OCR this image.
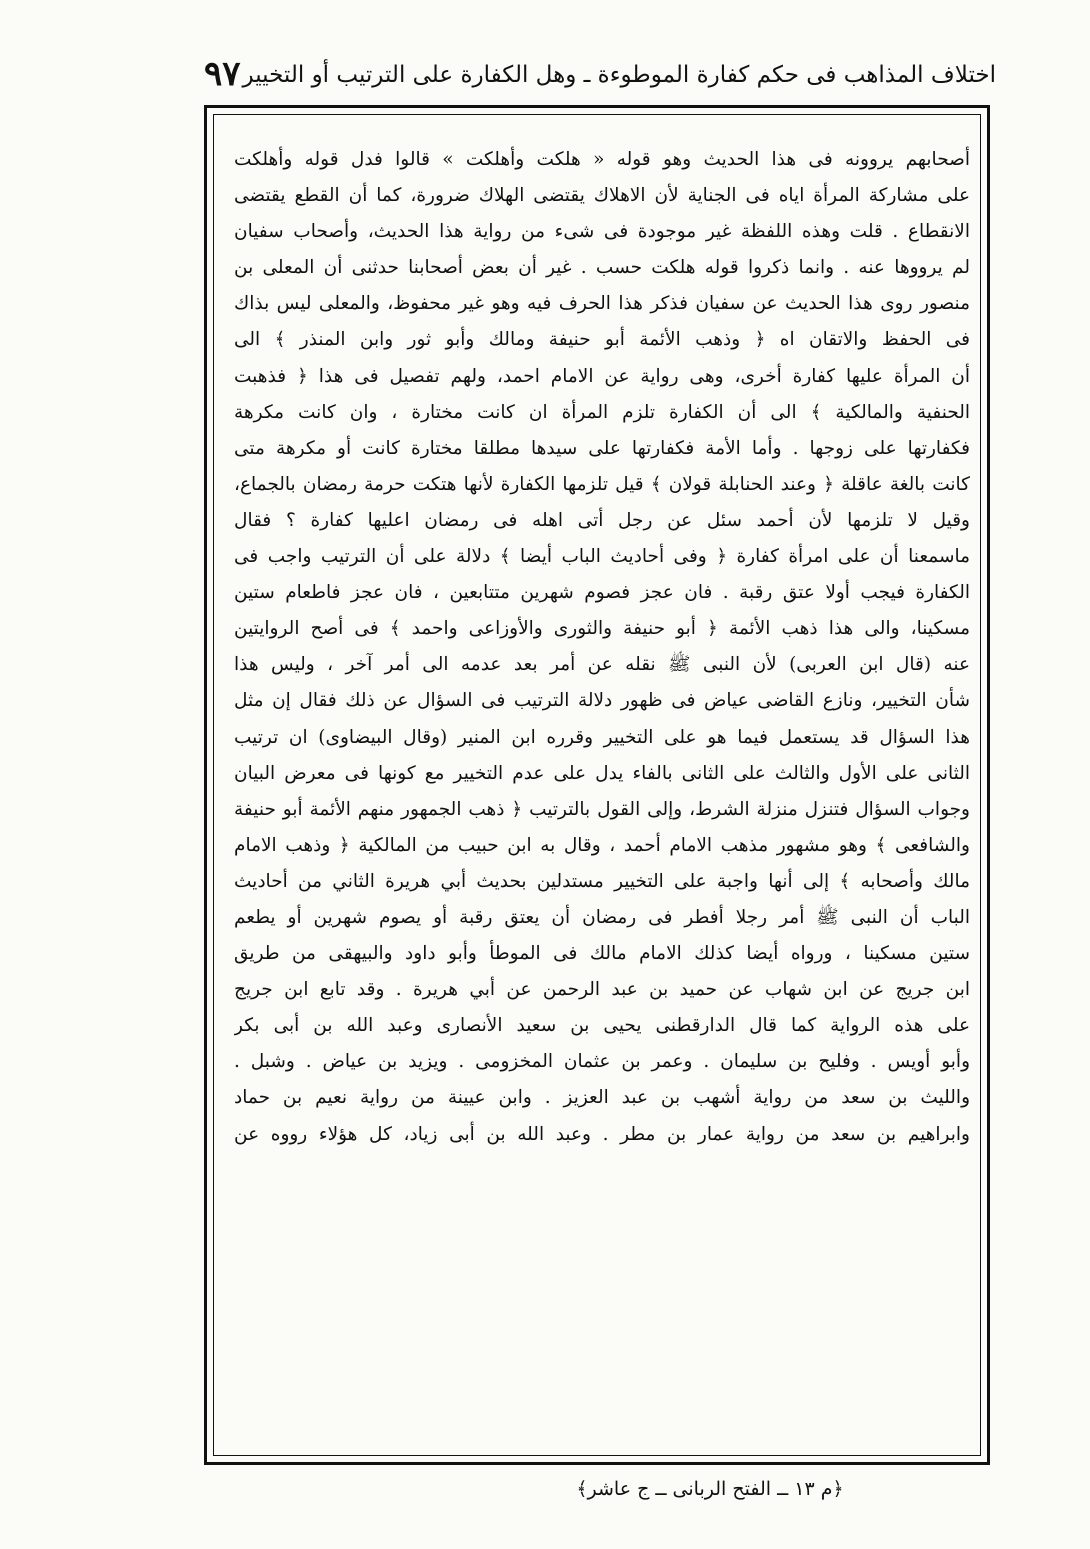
اختلاف المذاهب فى حكم كفارة الموطوءة ـ وهل الكفارة على الترتيب أو التخيير
٩٧
أصحابهم يروونه فى هذا الحديث وهو قوله « هلكت وأهلكت » قالوا فدل قوله وأهلكت
على مشاركة المرأة اياه فى الجناية لأن الاهلاك يقتضى الهلاك ضرورة، كما أن القطع يقتضى
الانقطاع . قلت وهذه اللفظة غير موجودة فى شىء من رواية هذا الحديث، وأصحاب سفيان
لم يرووها عنه . وانما ذكروا قوله هلكت حسب . غير أن بعض أصحابنا حدثنى أن المعلى بن
منصور روى هذا الحديث عن سفيان فذكر هذا الحرف فيه وهو غير محفوظ، والمعلى ليس بذاك
فى الحفظ والاتقان اه ﴿ وذهب الأئمة أبو حنيفة ومالك وأبو ثور وابن المنذر ﴾ الى
أن المرأة عليها كفارة أخرى، وهى رواية عن الامام احمد، ولهم تفصيل فى هذا ﴿ فذهبت
الحنفية والمالكية ﴾ الى أن الكفارة تلزم المرأة ان كانت مختارة ، وان كانت مكرهة
فكفارتها على زوجها . وأما الأمة فكفارتها على سيدها مطلقا مختارة كانت أو مكرهة متى
كانت بالغة عاقلة ﴿ وعند الحنابلة قولان ﴾ قيل تلزمها الكفارة لأنها هتكت حرمة رمضان بالجماع،
وقيل لا تلزمها لأن أحمد سئل عن رجل أتى اهله فى رمضان اعليها كفارة ؟ فقال
ماسمعنا أن على امرأة كفارة ﴿ وفى أحاديث الباب أيضا ﴾ دلالة على أن الترتيب واجب فى
الكفارة فيجب أولا عتق رقبة . فان عجز فصوم شهرين متتابعين ، فان عجز فاطعام ستين
مسكينا، والى هذا ذهب الأئمة ﴿ أبو حنيفة والثورى والأوزاعى واحمد ﴾ فى أصح الروايتين
عنه (قال ابن العربى) لأن النبى ﷺ نقله عن أمر بعد عدمه الى أمر آخر ، وليس هذا
شأن التخيير، ونازع القاضى عياض فى ظهور دلالة الترتيب فى السؤال عن ذلك فقال إن مثل
هذا السؤال قد يستعمل فيما هو على التخيير وقرره ابن المنير (وقال البيضاوى) ان ترتيب
الثانى على الأول والثالث على الثانى بالفاء يدل على عدم التخيير مع كونها فى معرض البيان
وجواب السؤال فتنزل منزلة الشرط، وإلى القول بالترتيب ﴿ ذهب الجمهور منهم الأئمة أبو حنيفة
والشافعى ﴾ وهو مشهور مذهب الامام أحمد ، وقال به ابن حبيب من المالكية ﴿ وذهب الامام
مالك وأصحابه ﴾ إلى أنها واجبة على التخيير مستدلين بحديث أبي هريرة الثاني من أحاديث
الباب أن النبى ﷺ أمر رجلا أفطر فى رمضان أن يعتق رقبة أو يصوم شهرين أو يطعم
ستين مسكينا ، ورواه أيضا كذلك الامام مالك فى الموطأ وأبو داود والبيهقى من طريق
ابن جريج عن ابن شهاب عن حميد بن عبد الرحمن عن أبي هريرة . وقد تابع ابن جريج
على هذه الرواية كما قال الدارقطنى يحيى بن سعيد الأنصارى وعبد الله بن أبى بكر
وأبو أويس . وفليح بن سليمان . وعمر بن عثمان المخزومى . ويزيد بن عياض . وشبل .
والليث بن سعد من رواية أشهب بن عبد العزيز . وابن عيينة من رواية نعيم بن حماد
وابراهيم بن سعد من رواية عمار بن مطر . وعبد الله بن أبى زياد، كل هؤلاء رووه عن
﴿م ١٣ ــ الفتح الربانى ــ ج عاشر﴾
